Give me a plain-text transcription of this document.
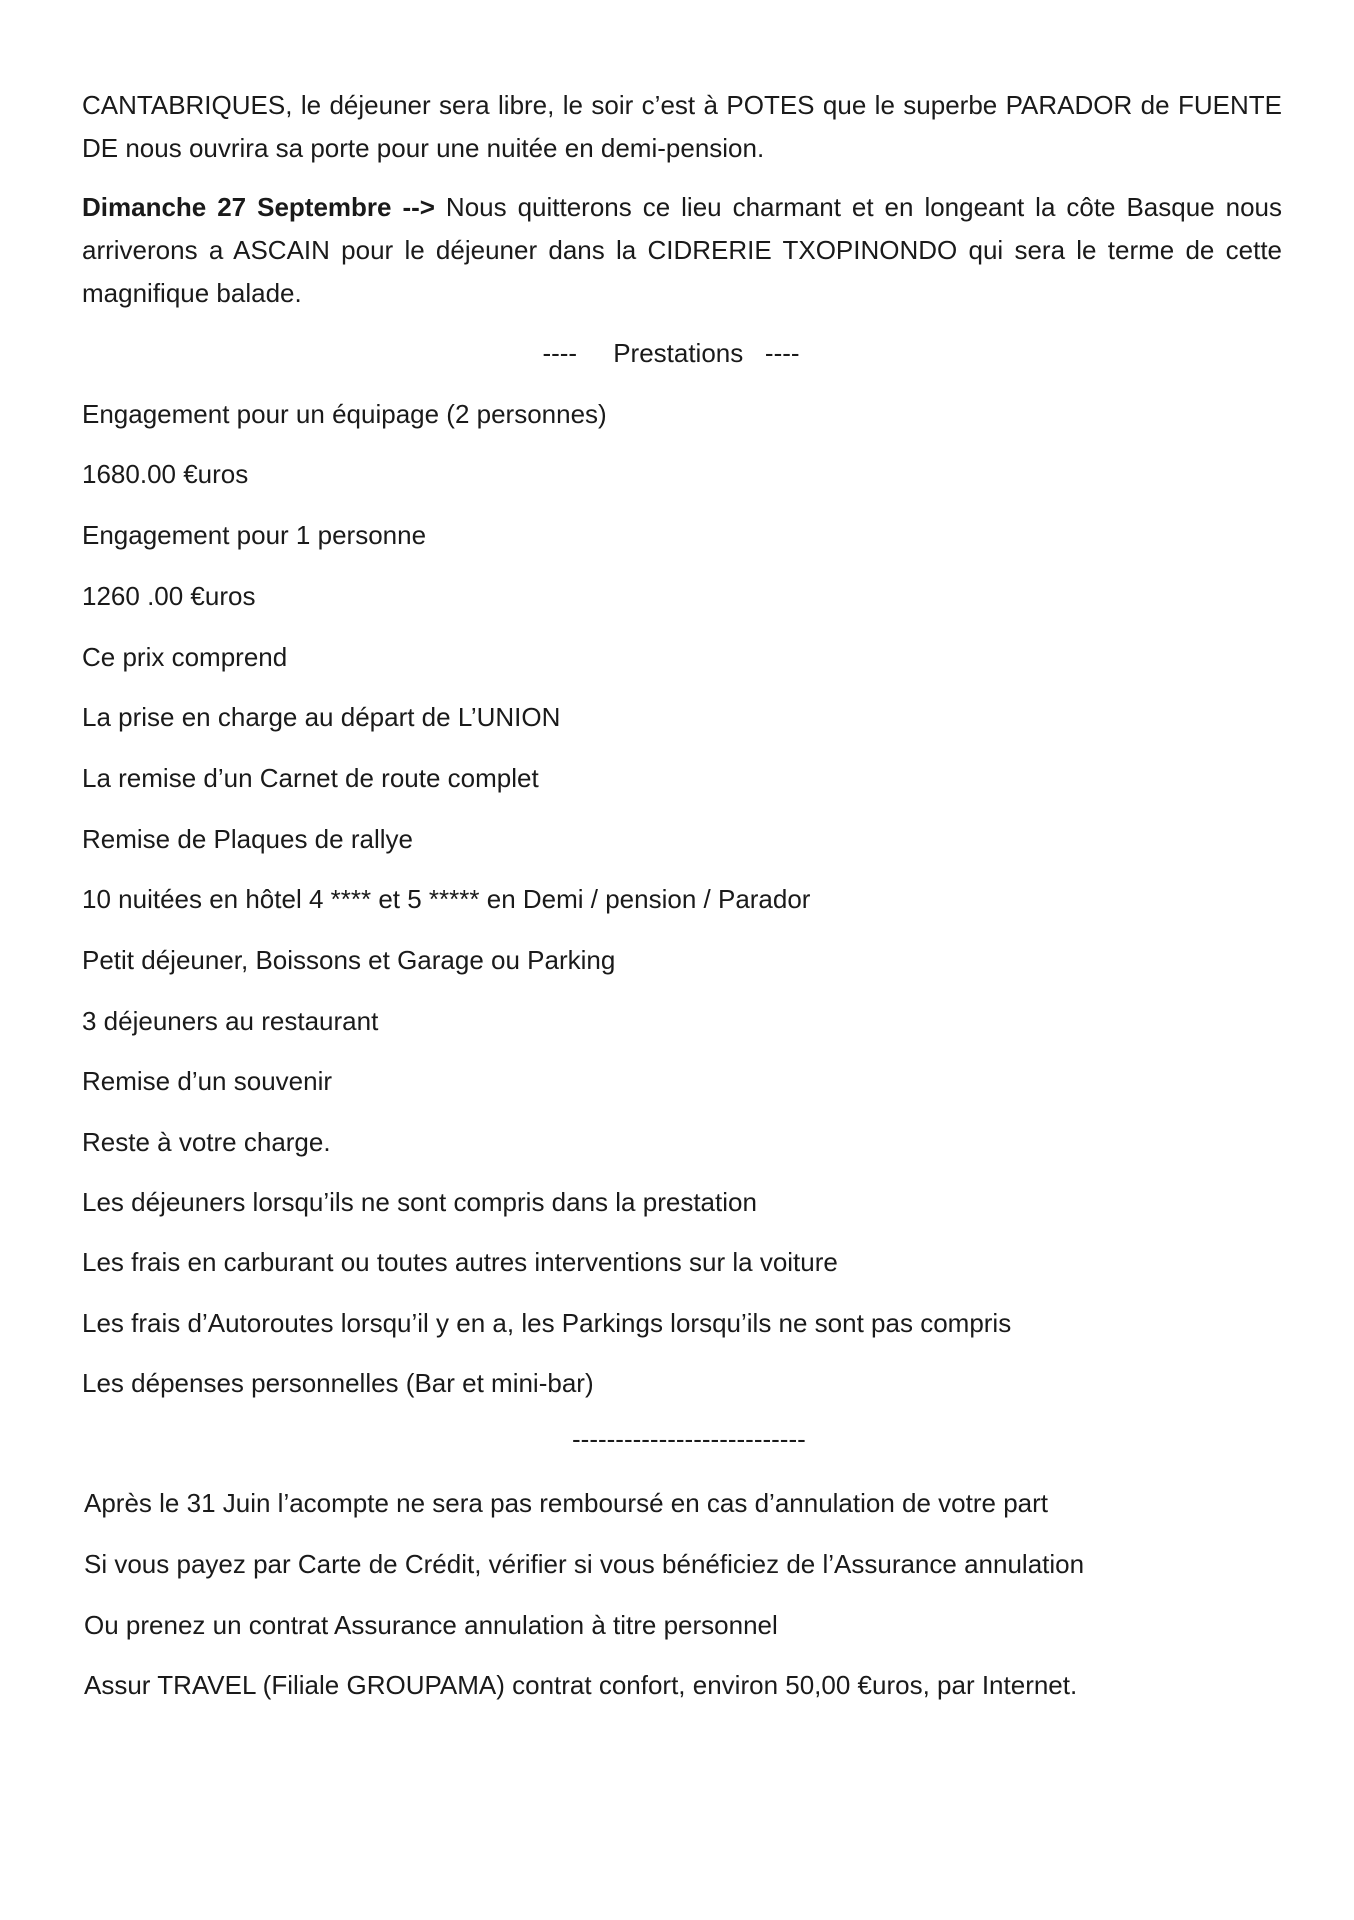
CANTABRIQUES, le déjeuner sera libre, le soir c’est à POTES que le superbe PARADOR de FUENTE DE nous ouvrira sa porte pour une nuitée en demi-pension.

Dimanche 27 Septembre --> Nous quitterons ce lieu charmant et en longeant la côte Basque nous arriverons a ASCAIN pour le déjeuner dans la CIDRERIE TXOPINONDO qui sera le terme de cette magnifique balade.

----     Prestations   ----
Engagement pour un équipage (2 personnes)
1680.00 €uros
Engagement pour 1 personne
1260 .00 €uros
Ce prix comprend
La prise en charge au départ de L’UNION
La remise d’un Carnet de route complet
Remise de Plaques de rallye
10 nuitées en hôtel 4 **** et 5 ***** en Demi / pension / Parador
Petit déjeuner, Boissons et Garage ou Parking
3 déjeuners au restaurant
Remise d’un souvenir
Reste à votre charge.
Les déjeuners lorsqu’ils ne sont compris dans la prestation
Les frais en carburant ou toutes autres interventions sur la voiture
Les frais d’Autoroutes lorsqu’il y en a, les Parkings lorsqu’ils ne sont pas compris
Les dépenses personnelles (Bar et mini-bar)
---------------------------
Après le 31 Juin l’acompte ne sera pas remboursé en cas d’annulation de votre part
Si vous payez par Carte de Crédit, vérifier si vous bénéficiez de l’Assurance annulation
Ou prenez un contrat Assurance annulation à titre personnel
Assur TRAVEL (Filiale GROUPAMA) contrat confort, environ 50,00 €uros, par Internet.
